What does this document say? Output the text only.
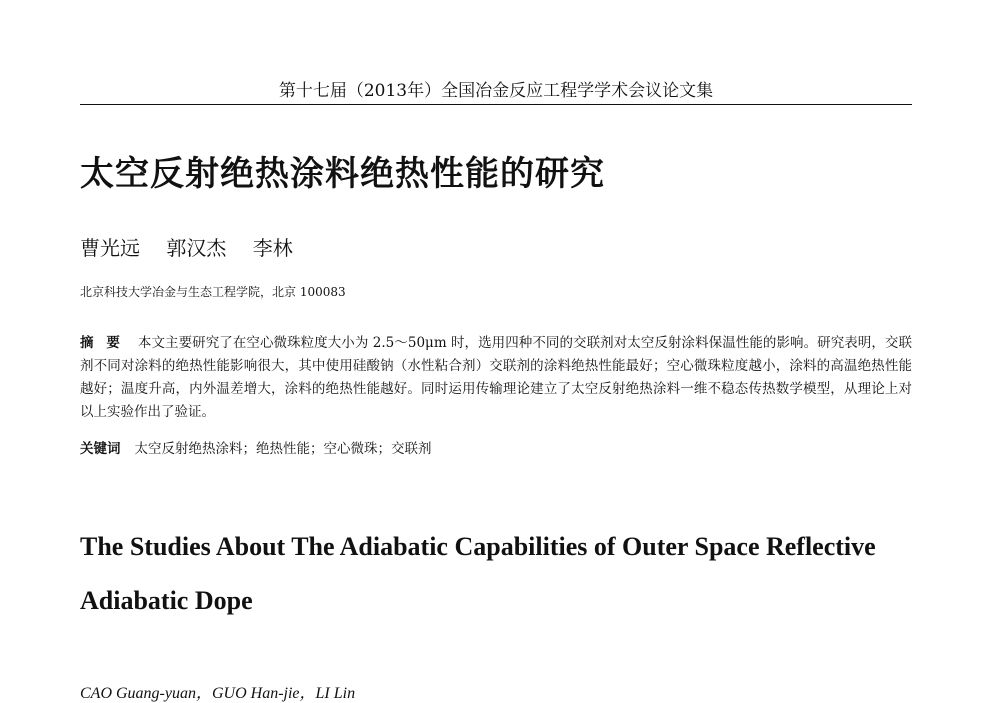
第十七届（2013年）全国冶金反应工程学学术会议论文集
太空反射绝热涂料绝热性能的研究
曹光远 郭汉杰 李林
北京科技大学冶金与生态工程学院，北京 100083
摘 要 本文主要研究了在空心微珠粒度大小为 2.5～50μm 时，选用四种不同的交联剂对太空反射涂料保温性能的影响。研究表明，交联剂不同对涂料的绝热性能影响很大，其中使用硅酸钠（水性粘合剂）交联剂的涂料绝热性能最好；空心微珠粒度越小，涂料的高温绝热性能越好；温度升高，内外温差增大，涂料的绝热性能越好。同时运用传输理论建立了太空反射绝热涂料一维不稳态传热数学模型，从理论上对以上实验作出了验证。
关键词 太空反射绝热涂料；绝热性能；空心微珠；交联剂
The Studies About The Adiabatic Capabilities of Outer Space Reflective Adiabatic Dope
CAO Guang-yuan，GUO Han-jie，LI Lin
